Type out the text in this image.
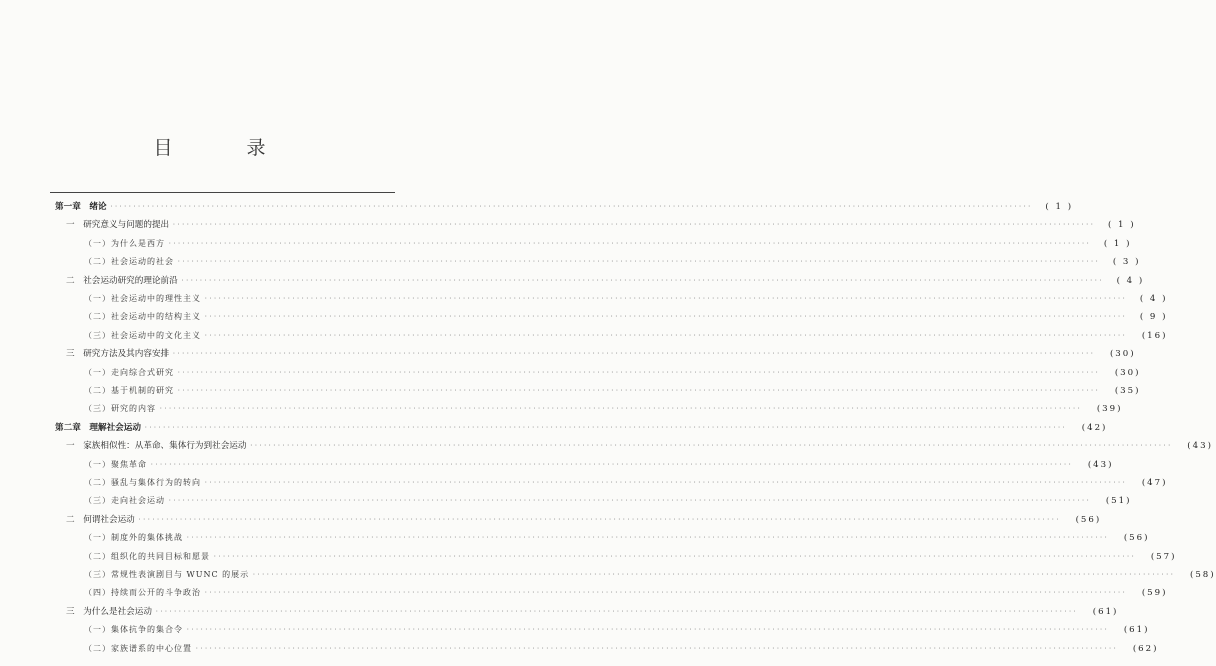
目 录
第一章　绪论 ········································································································································································································	( 1 )
一　研究意义与问题的提出 ········································································································································································································	( 1 )
（一）为什么是西方 ········································································································································································································	( 1 )
（二）社会运动的社会 ········································································································································································································	( 3 )
二　社会运动研究的理论前沿 ········································································································································································································	( 4 )
（一）社会运动中的理性主义 ········································································································································································································	( 4 )
（二）社会运动中的结构主义 ········································································································································································································	( 9 )
（三）社会运动中的文化主义 ········································································································································································································	(16)
三　研究方法及其内容安排 ········································································································································································································	(30)
（一）走向综合式研究 ········································································································································································································	(30)
（二）基于机制的研究 ········································································································································································································	(35)
（三）研究的内容 ········································································································································································································	(39)
第二章　理解社会运动 ········································································································································································································	(42)
一　家族相似性：从革命、集体行为到社会运动 ········································································································································································································	(43)
（一）聚焦革命 ········································································································································································································	(43)
（二）骚乱与集体行为的转向 ········································································································································································································	(47)
（三）走向社会运动 ········································································································································································································	(51)
二　何谓社会运动 ········································································································································································································	(56)
（一）制度外的集体挑战 ········································································································································································································	(56)
（二）组织化的共同目标和愿景 ········································································································································································································	(57)
（三）常规性表演剧目与 WUNC 的展示 ········································································································································································································	(58)
（四）持续而公开的斗争政治 ········································································································································································································	(59)
三　为什么是社会运动 ········································································································································································································	(61)
（一）集体抗争的集合令 ········································································································································································································	(61)
（二）家族谱系的中心位置 ········································································································································································································	(62)
